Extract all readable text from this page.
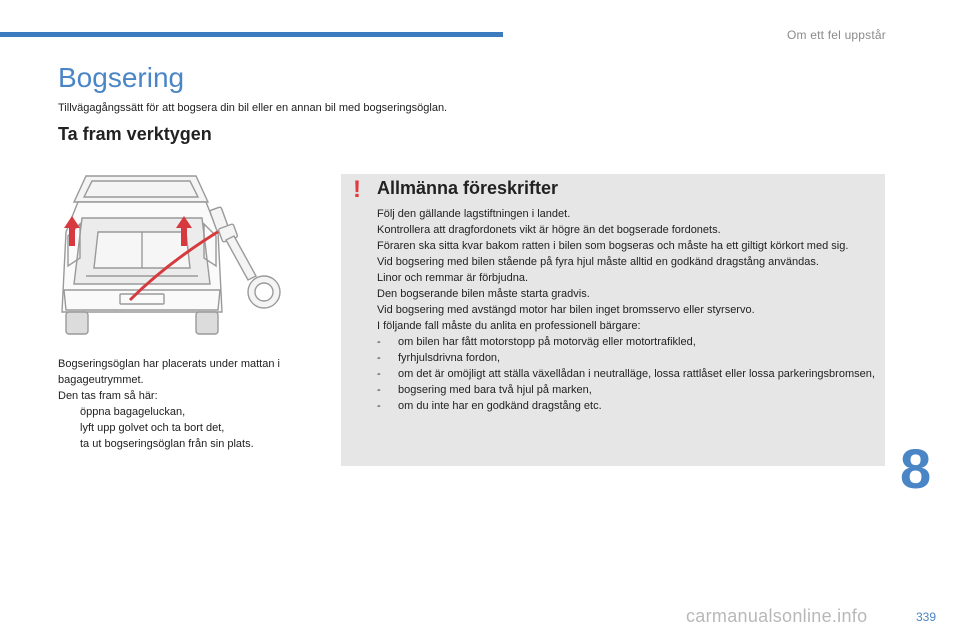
Om ett fel uppstår
Bogsering
Tillvägagångssätt för att bogsera din bil eller en annan bil med bogseringsöglan.
Ta fram verktygen

Bogseringsöglan har placerats under mattan i bagageutrymmet.

Den tas fram så här:

öppna bagageluckan,
lyft upp golvet och ta bort det,
ta ut bogseringsöglan från sin plats.
! Allmänna föreskrifter

Följ den gällande lagstiftningen i landet.

Kontrollera att dragfordonets vikt är högre än det bogserade fordonets.

Föraren ska sitta kvar bakom ratten i bilen som bogseras och måste ha ett giltigt körkort med sig.

Vid bogsering med bilen stående på fyra hjul måste alltid en godkänd dragstång användas.

Linor och remmar är förbjudna.

Den bogserande bilen måste starta gradvis.

Vid bogsering med avstängd motor har bilen inget bromsservo eller styrservo.

I följande fall måste du anlita en professionell bärgare:

- om bilen har fått motorstopp på motorväg eller motortrafikled,
- fyrhjulsdrivna fordon,
- om det är omöjligt att ställa växellådan i neutralläge, lossa rattlåset eller lossa parkeringsbromsen,
- bogsering med bara två hjul på marken,
- om du inte har en godkänd dragstång etc.
8
339
carmanualsonline.info
